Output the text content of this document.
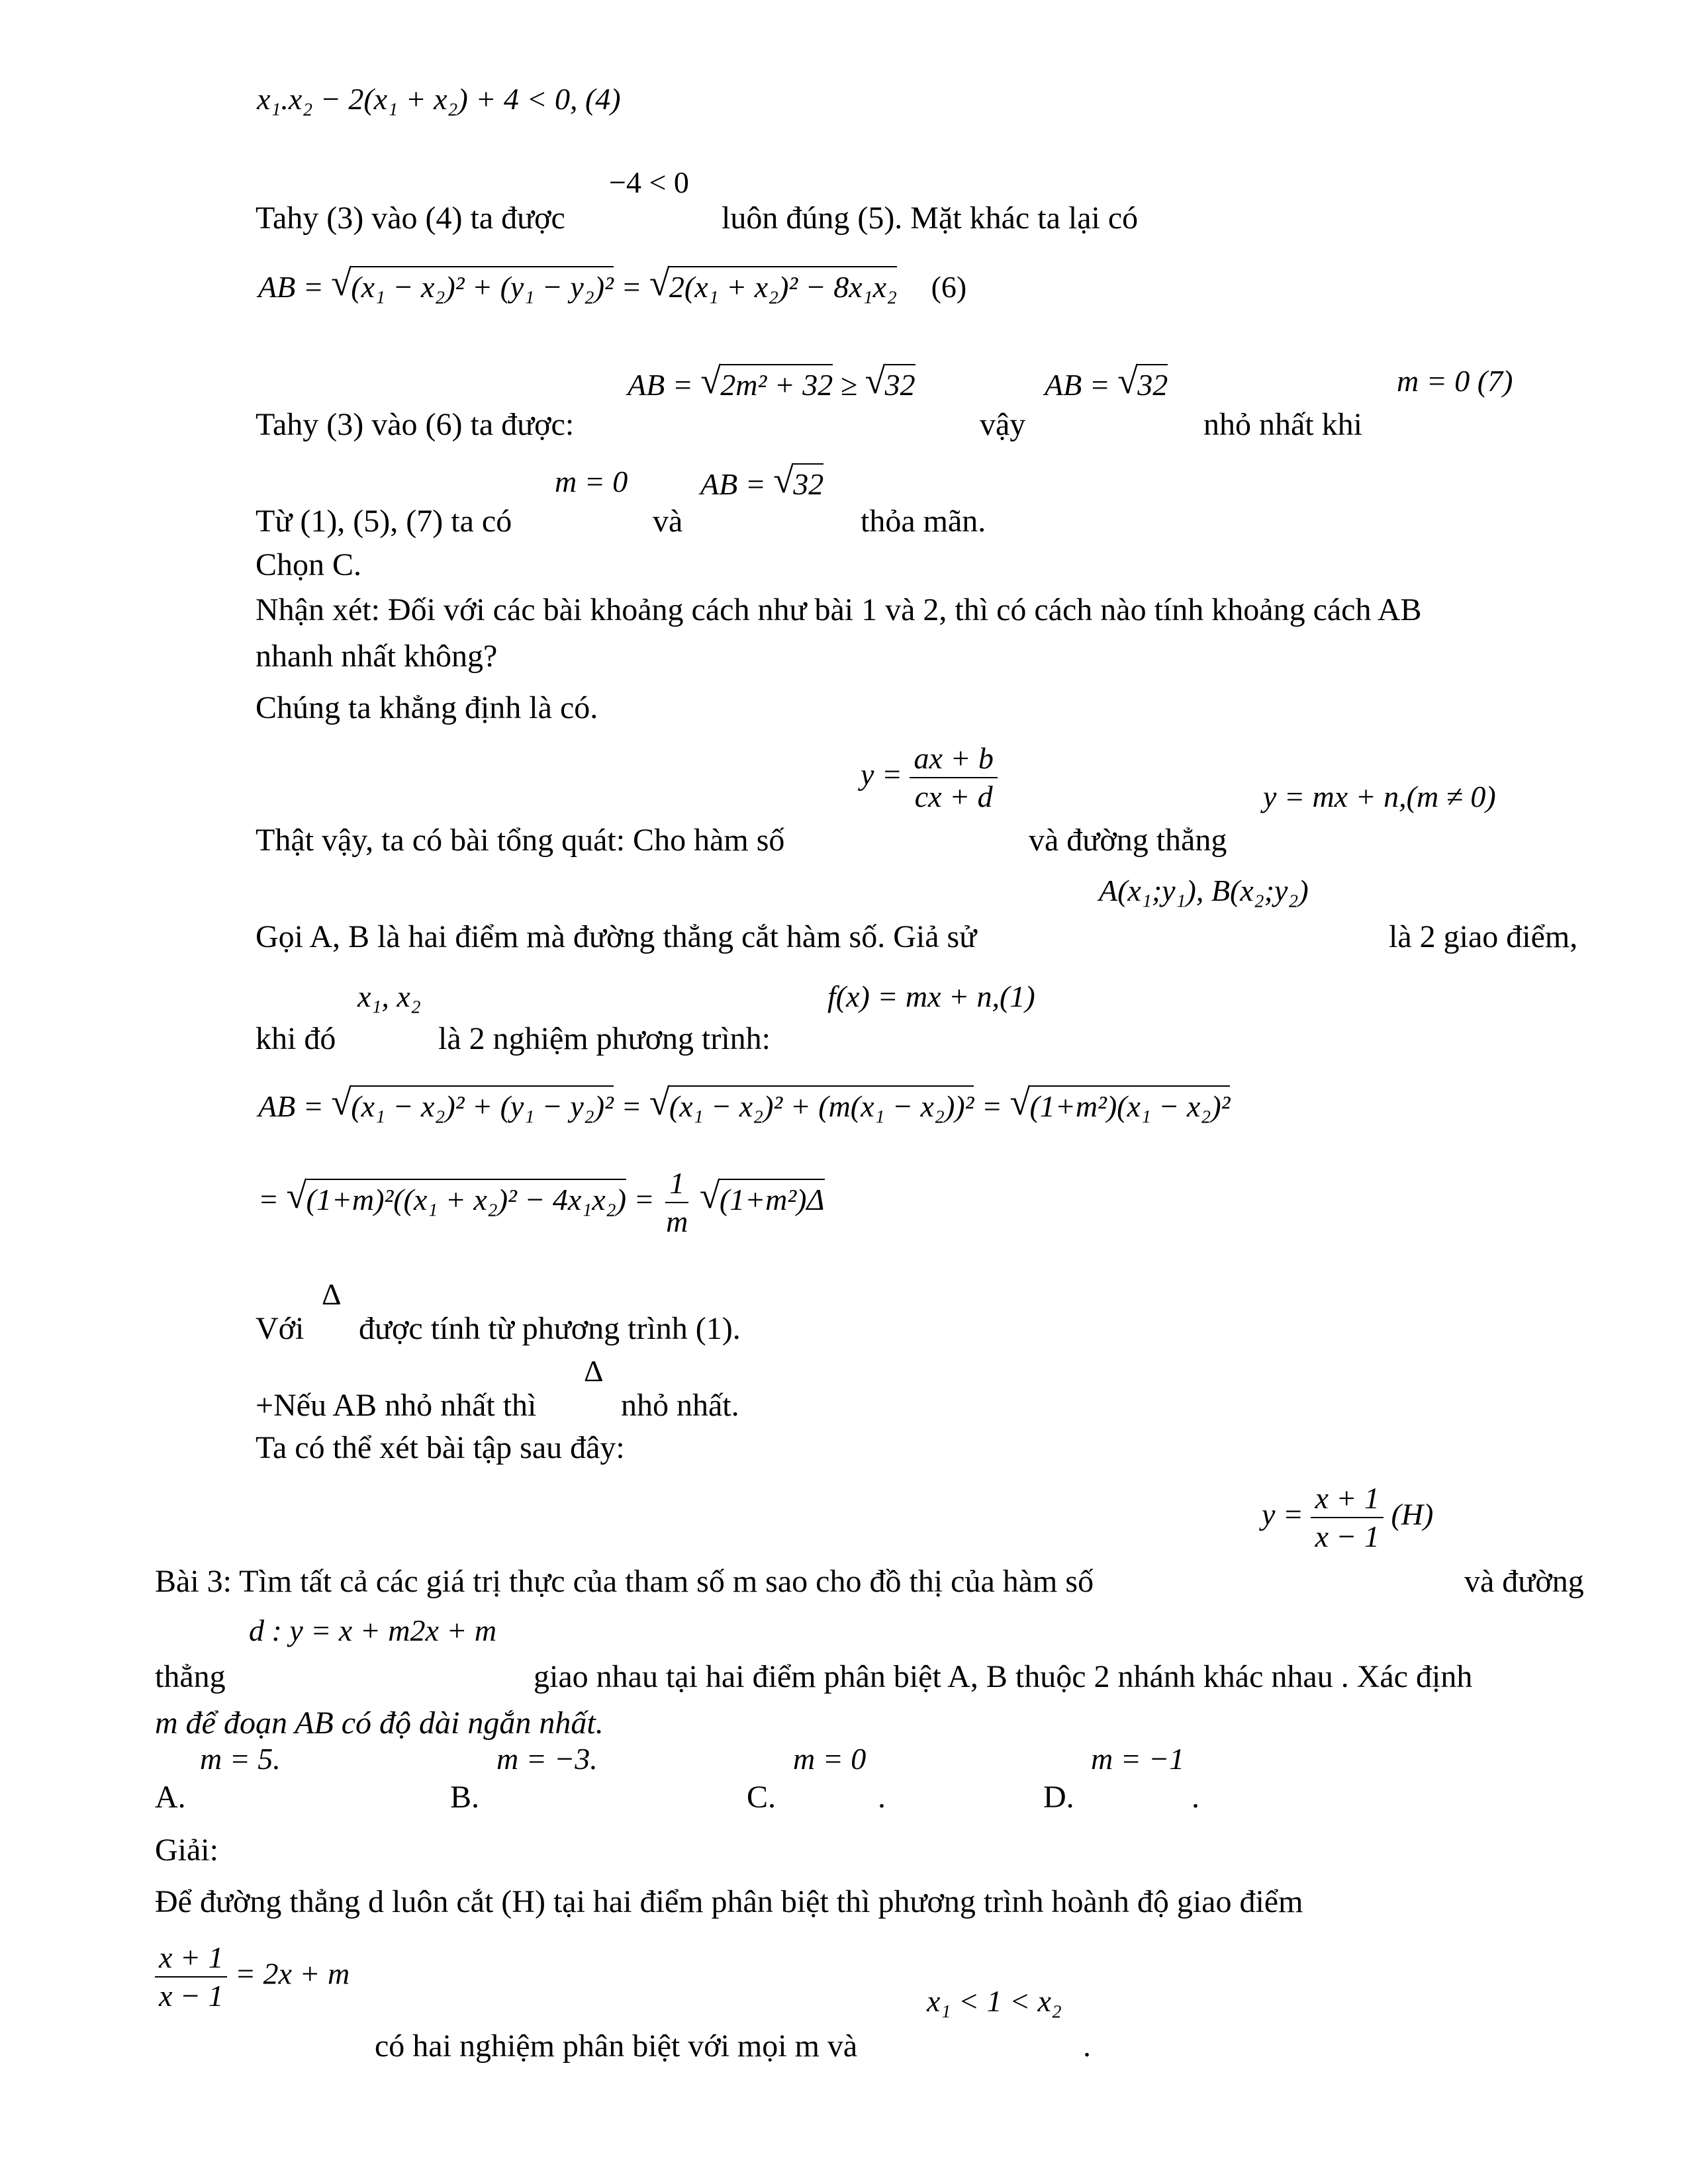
x₁.x₂ − 2(x₁ + x₂) + 4 < 0, (4)
−4 < 0
Tahy (3) vào (4) ta được	luôn đúng (5). Mặt khác ta lại có
AB = √ (x₁ − x₂)² + (y₁ − y₂)² = √ 2(x₁ + x₂)² − 8x₁x₂ (6)
AB = √ 2m² + 32 ≥ √ 32	AB = √ 32	m = 0 (7)
Tahy (3) vào (6) ta được:	vậy	nhỏ nhất khi
m = 0 AB = √ 32
Từ (1), (5), (7) ta có	và	thỏa mãn.
Chọn C.
Nhận xét: Đối với các bài khoảng cách như bài 1 và 2, thì có cách nào tính khoảng cách AB
nhanh nhất không?
Chúng ta khẳng định là có.
$y = \frac{ax + b}{cx + d}$	y = mx + n,(m ≠ 0)
Thật vậy, ta có bài tổng quát: Cho hàm số	và đường thẳng
A(x₁;y₁), B(x₂;y₂)
Gọi A, B là hai điểm mà đường thẳng cắt hàm số. Giả sử	là 2 giao điểm,
x₁, x₂	f(x) = mx + n,(1)
khi đó	là 2 nghiệm phương trình:
AB = √ (x₁ − x₂)² + (y₁ − y₂)² = √ (x₁ − x₂)² + (m(x₁ − x₂))² = √ (1+m²)(x₁ − x₂)²
= √ $(1+m)^2((x_1 + x_2)^2 - 4x_1x_2) = \frac{1}{m}$ √ (1+m²)Δ
Δ
Với được tính từ phương trình (1).
Δ
+Nếu AB nhỏ nhất thì	nhỏ nhất.
Ta có thể xét bài tập sau đây:
$y = \frac{x + 1}{x - 1} (H)$
Bài 3: Tìm tất cả các giá trị thực của tham số m sao cho đồ thị của hàm số	và đường
d : y = x + m2x + m
thẳng	giao nhau tại hai điểm phân biệt A, B thuộc 2 nhánh khác nhau . Xác định
m để đoạn AB có độ dài ngắn nhất.
m = 5.	m = −3.	m = 0	m = −1
A.	B.	C.	.	D.	.
Giải:
Để đường thẳng d luôn cắt (H) tại hai điểm phân biệt thì phương trình hoành độ giao điểm
$\frac{x + 1}{x - 1} = 2x + m$
x₁ < 1 < x₂
có hai nghiệm phân biệt với mọi m và	.
